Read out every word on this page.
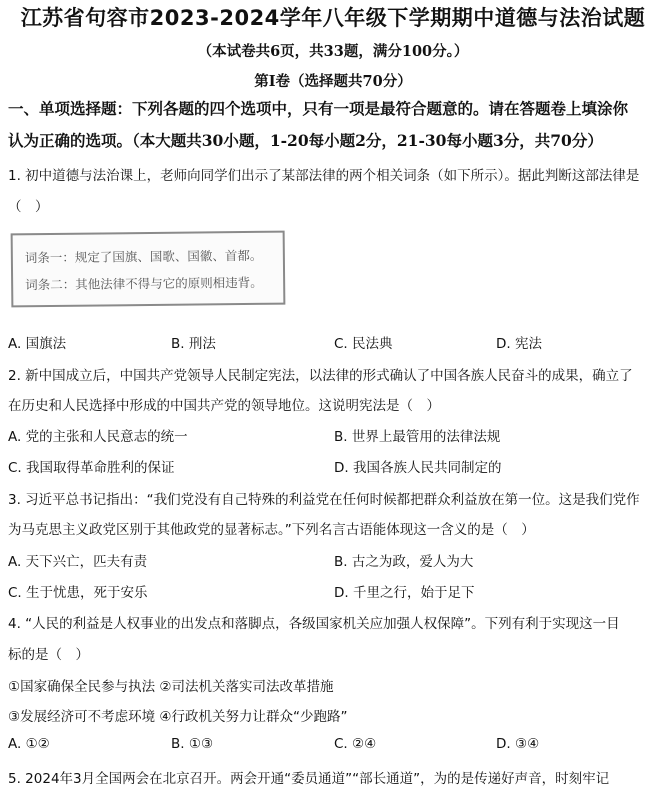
江苏省句容市2023-2024学年八年级下学期期中道德与法治试题
（本试卷共6页，共33题，满分100分。）
第Ⅰ卷（选择题共70分）
一、单项选择题：下列各题的四个选项中，只有一项是最符合题意的。请在答题卷上填涂你
认为正确的选项。（本大题共30小题，1-20每小题2分，21-30每小题3分，共70分）
1. 初中道德与法治课上，老师向同学们出示了某部法律的两个相关词条（如下所示）。据此判断这部法律是
（　）
词条一：规定了国旗、国歌、国徽、首都。
词条二：其他法律不得与它的原则相违背。
A. 国旗法	B. 刑法	C. 民法典	D. 宪法
2. 新中国成立后，中国共产党领导人民制定宪法，以法律的形式确认了中国各族人民奋斗的成果，确立了
在历史和人民选择中形成的中国共产党的领导地位。这说明宪法是（　）
A. 党的主张和人民意志的统一	B. 世界上最管用的法律法规
C. 我国取得革命胜利的保证	D. 我国各族人民共同制定的
3. 习近平总书记指出：“我们党没有自己特殊的利益党在任何时候都把群众利益放在第一位。这是我们党作
为马克思主义政党区别于其他政党的显著标志。”下列名言古语能体现这一含义的是（　）
A. 天下兴亡，匹夫有责	B. 古之为政，爱人为大
C. 生于忧患，死于安乐	D. 千里之行，始于足下
4. “人民的利益是人权事业的出发点和落脚点，各级国家机关应加强人权保障”。下列有利于实现这一目
标的是（　）
①国家确保全民参与执法 ②司法机关落实司法改革措施
③发展经济可不考虑环境 ④行政机关努力让群众“少跑路”
A. ①②	B. ①③	C. ②④	D. ③④
5. 2024年3月全国两会在北京召开。两会开通“委员通道”“部长通道”，为的是传递好声音，时刻牢记
